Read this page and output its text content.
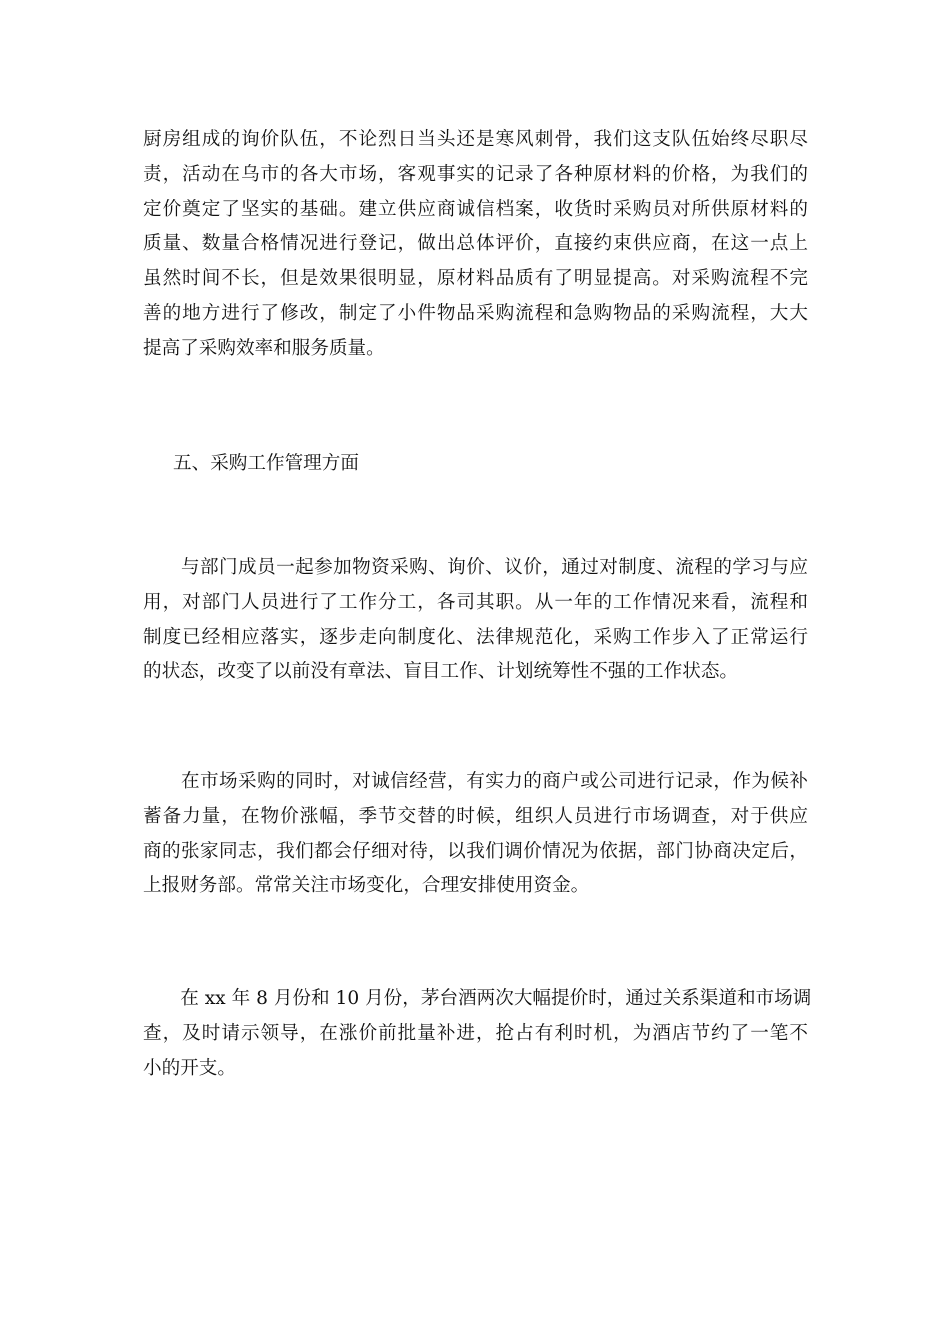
厨房组成的询价队伍，不论烈日当头还是寒风刺骨，我们这支队伍始终尽职尽
责，活动在乌市的各大市场，客观事实的记录了各种原材料的价格，为我们的
定价奠定了坚实的基础。建立供应商诚信档案，收货时采购员对所供原材料的
质量、数量合格情况进行登记，做出总体评价，直接约束供应商，在这一点上
虽然时间不长，但是效果很明显，原材料品质有了明显提高。对采购流程不完
善的地方进行了修改，制定了小件物品采购流程和急购物品的采购流程，大大
提高了采购效率和服务质量。
五、采购工作管理方面
　　与部门成员一起参加物资采购、询价、议价，通过对制度、流程的学习与应
用，对部门人员进行了工作分工，各司其职。从一年的工作情况来看，流程和
制度已经相应落实，逐步走向制度化、法律规范化，采购工作步入了正常运行
的状态，改变了以前没有章法、盲目工作、计划统筹性不强的工作状态。
　　在市场采购的同时，对诚信经营，有实力的商户或公司进行记录，作为候补
蓄备力量，在物价涨幅，季节交替的时候，组织人员进行市场调查，对于供应
商的张家同志，我们都会仔细对待，以我们调价情况为依据，部门协商决定后，
上报财务部。常常关注市场变化，合理安排使用资金。
　　在 xx 年 8 月份和 10 月份，茅台酒两次大幅提价时，通过关系渠道和市场调
查，及时请示领导，在涨价前批量补进，抢占有利时机，为酒店节约了一笔不
小的开支。
